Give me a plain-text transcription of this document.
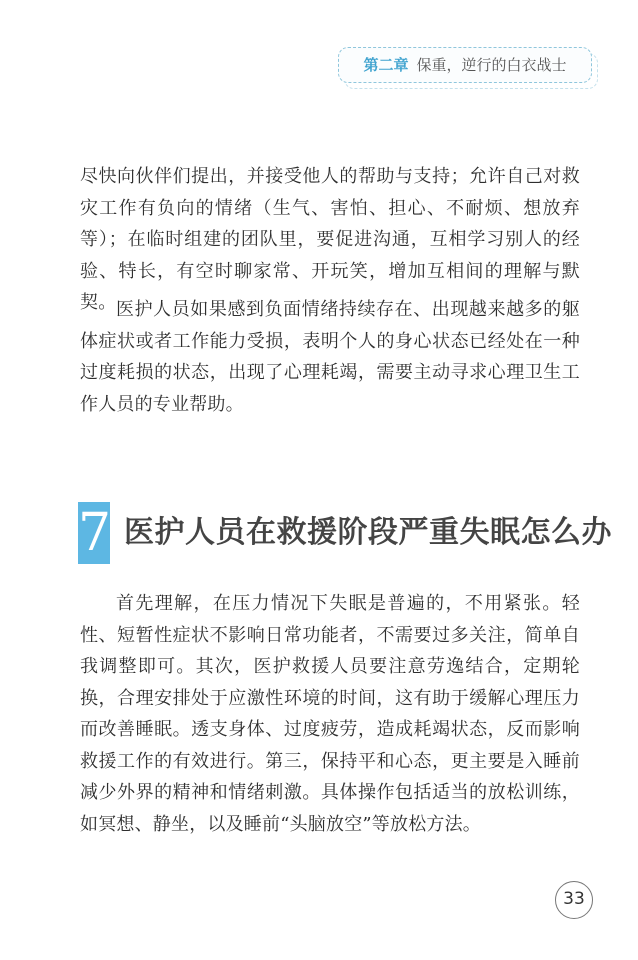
第二章 保重，逆行的白衣战士

尽快向伙伴们提出，并接受他人的帮助与支持；允许自己对救灾工作有负向的情绪（生气、害怕、担心、不耐烦、想放弃等）；在临时组建的团队里，要促进沟通，互相学习别人的经验、特长，有空时聊家常、开玩笑，增加互相间的理解与默契。 医护人员如果感到负面情绪持续存在、出现越来越多的躯体症状或者工作能力受损，表明个人的身心状态已经处在一种过度耗损的状态，出现了心理耗竭，需要主动寻求心理卫生工作人员的专业帮助。

7 医护人员在救援阶段严重失眠怎么办

首先理解，在压力情况下失眠是普遍的，不用紧张。轻性、短暂性症状不影响日常功能者，不需要过多关注，简单自我调整即可。其次，医护救援人员要注意劳逸结合，定期轮换，合理安排处于应激性环境的时间，这有助于缓解心理压力而改善睡眠。透支身体、过度疲劳，造成耗竭状态，反而影响救援工作的有效进行。第三，保持平和心态，更主要是入睡前减少外界的精神和情绪刺激。具体操作包括适当的放松训练，如冥想、静坐，以及睡前“头脑放空”等放松方法。

33
